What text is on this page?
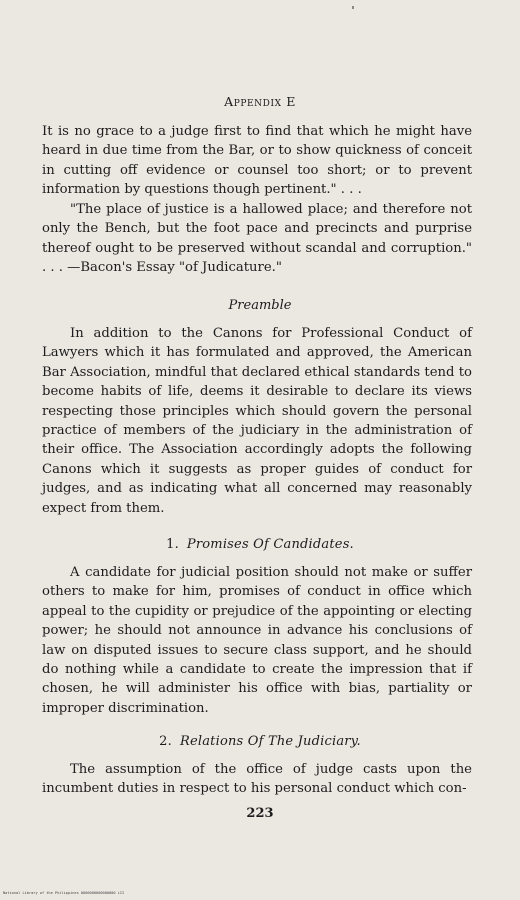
Appendix E

It is no grace to a judge first to find that which he might have heard in due time from the Bar, or to show quickness of conceit in cutting off evidence or counsel too short; or to prevent information by questions though pertinent." . . .

"The place of justice is a hallowed place; and therefore not only the Bench, but the foot pace and precincts and purprise thereof ought to be preserved without scandal and corruption." . . . —Bacon's Essay "of Judicature."

Preamble

In addition to the Canons for Professional Conduct of Lawyers which it has formulated and approved, the American Bar Association, mindful that declared ethical standards tend to become habits of life, deems it desirable to declare its views respecting those principles which should govern the personal practice of members of the judiciary in the administration of their office. The Association accordingly adopts the following Canons which it suggests as proper guides of conduct for judges, and as indicating what all concerned may reasonably expect from them.

1. Promises Of Candidates.

A candidate for judicial position should not make or suffer others to make for him, promises of conduct in office which appeal to the cupidity or prejudice of the appointing or electing power; he should not announce in advance his conclusions of law on disputed issues to secure class support, and he should do nothing while a candidate to create the impression that if chosen, he will administer his office with bias, partiality or improper discrimination.

2. Relations Of The Judiciary.

The assumption of the office of judge casts upon the incumbent duties in respect to his personal conduct which con-

223

National Library of the Philippines 0000000000000000 LII
